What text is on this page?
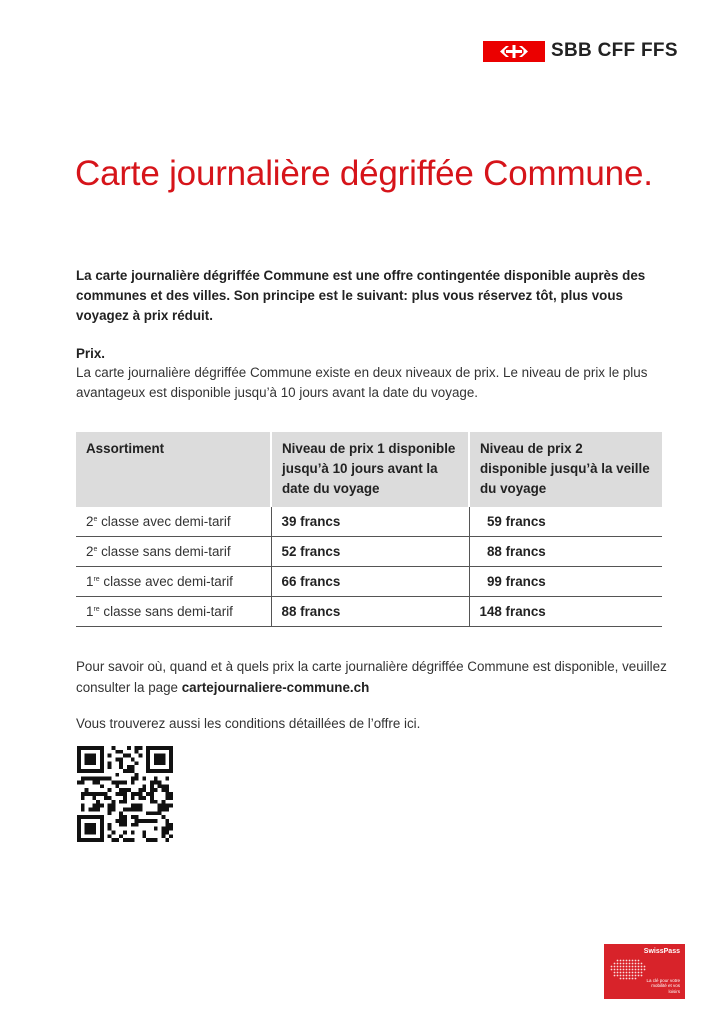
SBB CFF FFS
Carte journalière dégriffée Commune.

La carte journalière dégriffée Commune est une offre contingentée disponible auprès des communes et des villes. Son principe est le suivant: plus vous réservez tôt, plus vous voyagez à prix réduit.

Prix.

La carte journalière dégriffée Commune existe en deux niveaux de prix. Le niveau de prix le plus avantageux est disponible jusqu’à 10 jours avant la date du voyage.

Assortiment	Niveau de prix 1 disponible jusqu’à 10 jours avant la date du voyage	Niveau de prix 2 disponible jusqu’à la veille du voyage
2e classe avec demi-tarif	39 francs	59 francs
2e classe sans demi-tarif	52 francs	88 francs
1re classe avec demi-tarif	66 francs	99 francs
1re classe sans demi-tarif	88 francs	148 francs

Pour savoir où, quand et à quels prix la carte journalière dégriffée Commune est disponible, veuillez consulter la page cartejournaliere-commune.ch

Vous trouverez aussi les conditions détaillées de l’offre ici.

SwissPass
La clé pour votre mobilité et vos loisirs
